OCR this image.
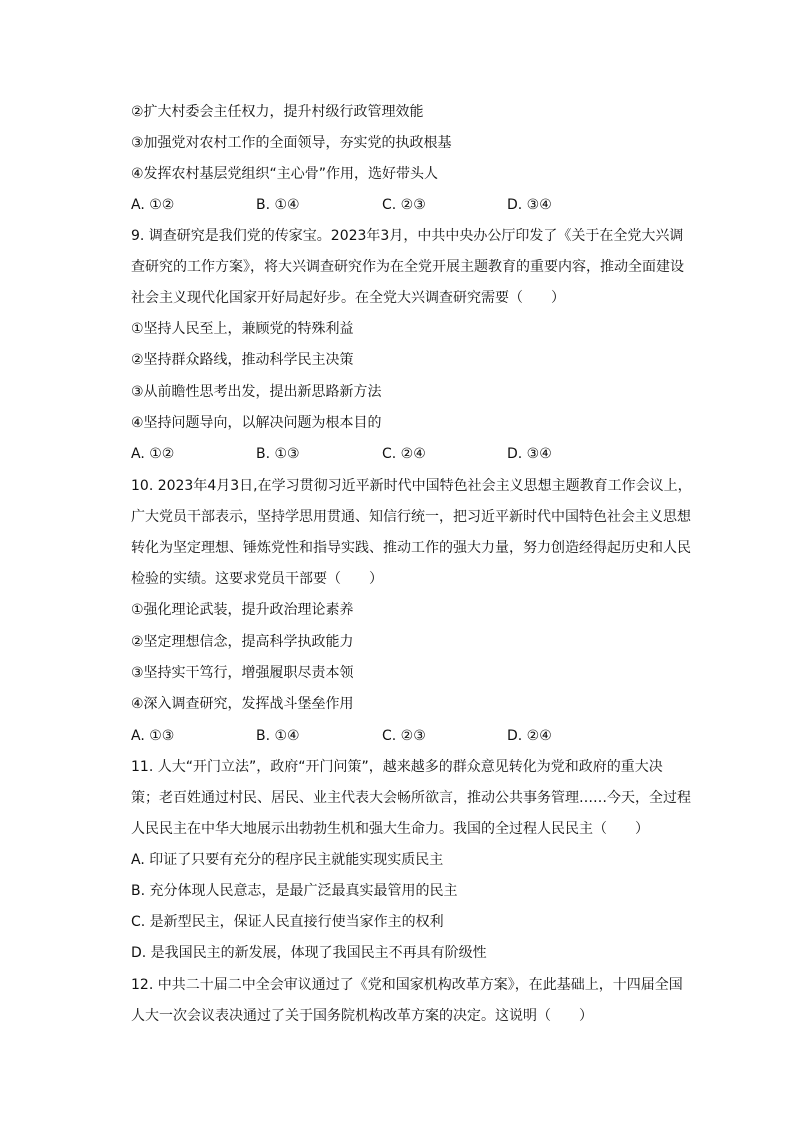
②扩大村委会主任权力，提升村级行政管理效能
③加强党对农村工作的全面领导，夯实党的执政根基
④发挥农村基层党组织“主心骨”作用，选好带头人
A. ①②	B. ①④	C. ②③	D. ③④
9. 调查研究是我们党的传家宝。2023年3月，中共中央办公厅印发了《关于在全党大兴调
查研究的工作方案》，将大兴调查研究作为在全党开展主题教育的重要内容，推动全面建设
社会主义现代化国家开好局起好步。在全党大兴调查研究需要（　　）
①坚持人民至上，兼顾党的特殊利益
②坚持群众路线，推动科学民主决策
③从前瞻性思考出发，提出新思路新方法
④坚持问题导向，以解决问题为根本目的
A. ①②	B. ①③	C. ②④	D. ③④
10. 2023年4月3日,在学习贯彻习近平新时代中国特色社会主义思想主题教育工作会议上，
广大党员干部表示，坚持学思用贯通、知信行统一，把习近平新时代中国特色社会主义思想
转化为坚定理想、锤炼党性和指导实践、推动工作的强大力量，努力创造经得起历史和人民
检验的实绩。这要求党员干部要（　　）
①强化理论武装，提升政治理论素养
②坚定理想信念，提高科学执政能力
③坚持实干笃行，增强履职尽责本领
④深入调查研究，发挥战斗堡垒作用
A. ①③	B. ①④	C. ②③	D. ②④
11. 人大“开门立法”，政府“开门问策”，越来越多的群众意见转化为党和政府的重大决
策；老百姓通过村民、居民、业主代表大会畅所欲言，推动公共事务管理……今天，全过程
人民民主在中华大地展示出勃勃生机和强大生命力。我国的全过程人民民主（　　）
A. 印证了只要有充分的程序民主就能实现实质民主
B. 充分体现人民意志，是最广泛最真实最管用的民主
C. 是新型民主，保证人民直接行使当家作主的权利
D. 是我国民主的新发展，体现了我国民主不再具有阶级性
12. 中共二十届二中全会审议通过了《党和国家机构改革方案》，在此基础上，十四届全国
人大一次会议表决通过了关于国务院机构改革方案的决定。这说明（　　）
